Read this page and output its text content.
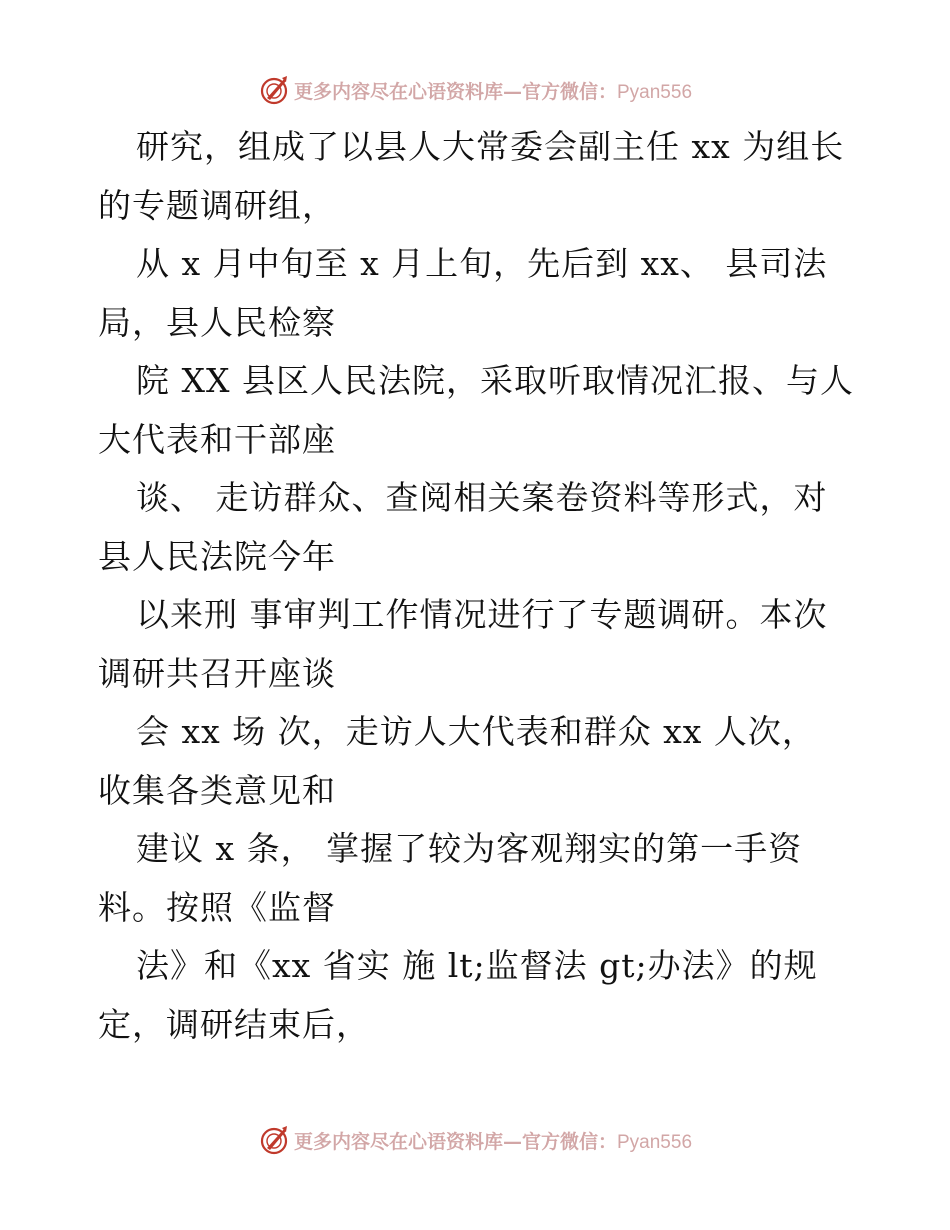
更多内容尽在心语资料库—官方微信：Pyan556
研究，组成了以县人大常委会副主任 xx 为组长
的专题调研组，
从 x 月中旬至 x 月上旬，先后到 xx、 县司法
局，县人民检察
院 XX 县区人民法院，采取听取情况汇报、与人
大代表和干部座
谈、 走访群众、查阅相关案卷资料等形式，对
县人民法院今年
以来刑 事审判工作情况进行了专题调研。本次
调研共召开座谈
会 xx 场 次，走访人大代表和群众 xx 人次，
收集各类意见和
建议 x 条， 掌握了较为客观翔实的第一手资
料。按照《监督
法》和《xx 省实 施 lt;监督法 gt;办法》的规
定，调研结束后，
更多内容尽在心语资料库—官方微信：Pyan556
